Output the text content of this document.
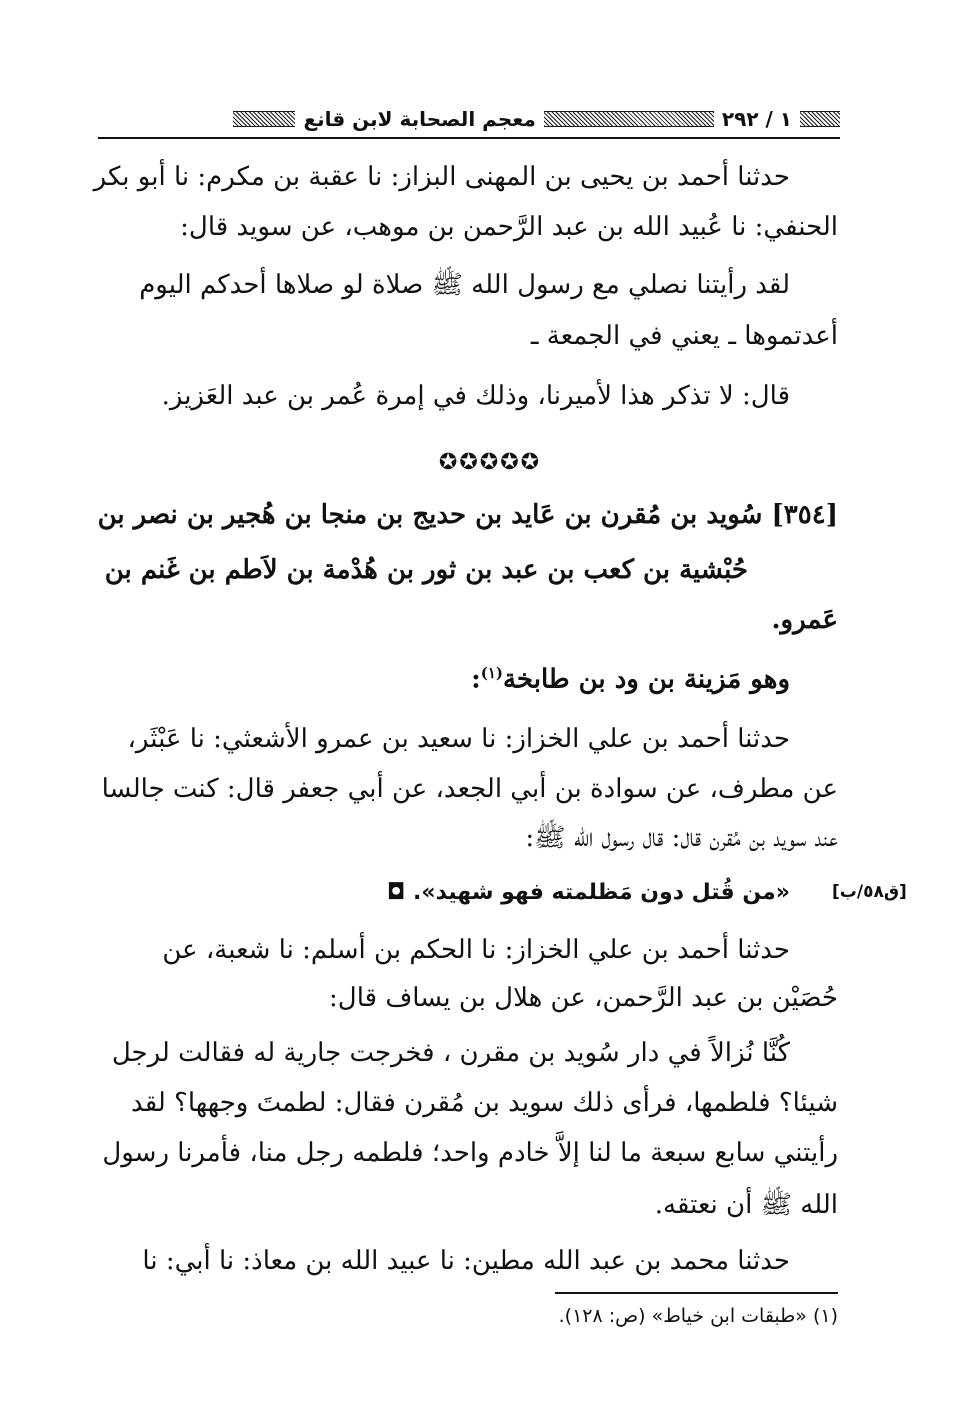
١ / ٢٩٢
معجم الصحابة لابن قانع
حدثنا أحمد بن يحيى بن المهنى البزاز: نا عقبة بن مكرم: نا أبو بكر
الحنفي: نا عُبيد الله بن عبد الرَّحمن بن موهب، عن سويد قال:
لقد رأيتنا نصلي مع رسول الله ﷺ صلاة لو صلاها أحدكم اليوم
أعدتموها ـ يعني في الجمعة ـ
قال: لا تذكر هذا لأميرنا، وذلك في إمرة عُمر بن عبد العَزيز.
[٣٥٤] سُويد بن مُقرن بن عَايد بن حديج بن منجا بن هُجير بن نصر بن
حُبْشية بن كعب بن عبد بن ثور بن هُدْمة بن لاَطم بن غَنم بن
عَمرو.
وهو مَزينة بن ود بن طابخة$^{(١)}$:
حدثنا أحمد بن علي الخزاز: نا سعيد بن عمرو الأشعثي: نا عَبْثَر،
عن مطرف، عن سوادة بن أبي الجعد، عن أبي جعفر قال: كنت جالسا
عند سويد بن مُقرن قال: قال رسول الله ﷺ:
«من قُتل دون مَظلمته فهو شهيد». ◘
حدثنا أحمد بن علي الخزاز: نا الحكم بن أسلم: نا شعبة، عن
حُصَيْن بن عبد الرَّحمن، عن هلال بن يساف قال:
كُنَّا نُزالاً في دار سُويد بن مقرن ، فخرجت جارية له فقالت لرجل
شيئا؟ فلطمها، فرأى ذلك سويد بن مُقرن فقال: لطمتَ وجهها؟ لقد
رأيتني سابع سبعة ما لنا إلاَّ خادم واحد؛ فلطمه رجل منا، فأمرنا رسول
الله ﷺ أن نعتقه.
حدثنا محمد بن عبد الله مطين: نا عبيد الله بن معاذ: نا أبي: نا
✪✪✪✪✪
[ق٥٨/ب]
(١) «طبقات ابن خياط» (ص: ١٢٨).
